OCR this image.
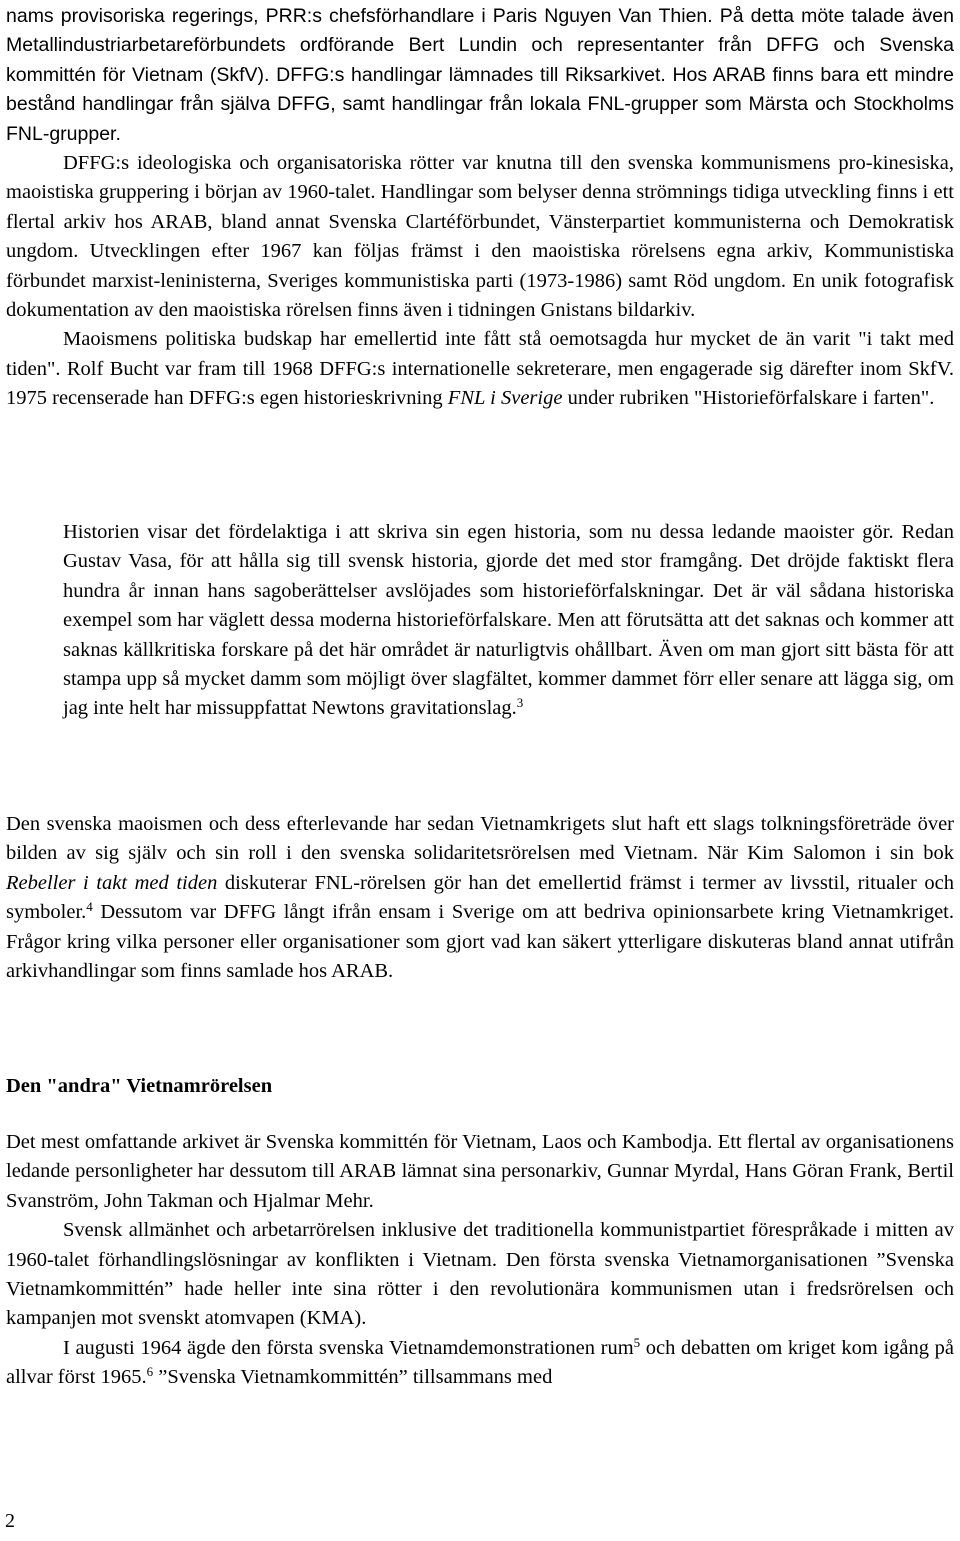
nams provisoriska regerings, PRR:s chefsförhandlare i Paris Nguyen Van Thien. På detta möte talade även Metallindustriarbetareförbundets ordförande Bert Lundin och representanter från DFFG och Svenska kommittén för Vietnam (SkfV). DFFG:s handlingar lämnades till Riksarkivet. Hos ARAB finns bara ett mindre bestånd handlingar från själva DFFG, samt handlingar från lokala FNL-grupper som Märsta och Stockholms FNL-grupper.

DFFG:s ideologiska och organisatoriska rötter var knutna till den svenska kommunismens pro-kinesiska, maoistiska gruppering i början av 1960-talet. Handlingar som belyser denna strömnings tidiga utveckling finns i ett flertal arkiv hos ARAB, bland annat Svenska Clartéförbundet, Vänsterpartiet kommunisterna och Demokratisk ungdom. Utvecklingen efter 1967 kan följas främst i den maoistiska rörelsens egna arkiv, Kommunistiska förbundet marxist-leninisterna, Sveriges kommunistiska parti (1973-1986) samt Röd ungdom. En unik fotografisk dokumentation av den maoistiska rörelsen finns även i tidningen Gnistans bildarkiv.

Maoismens politiska budskap har emellertid inte fått stå oemotsagda hur mycket de än varit "i takt med tiden". Rolf Bucht var fram till 1968 DFFG:s internationelle sekreterare, men engagerade sig därefter inom SkfV. 1975 recenserade han DFFG:s egen historieskrivning FNL i Sverige under rubriken "Historieförfalskare i farten".

Historien visar det fördelaktiga i att skriva sin egen historia, som nu dessa ledande maoister gör. Redan Gustav Vasa, för att hålla sig till svensk historia, gjorde det med stor framgång. Det dröjde faktiskt flera hundra år innan hans sagoberättelser avslöjades som historieförfalskningar. Det är väl sådana historiska exempel som har väglett dessa moderna historieförfalskare. Men att förutsätta att det saknas och kommer att saknas källkritiska forskare på det här området är naturligtvis ohållbart. Även om man gjort sitt bästa för att stampa upp så mycket damm som möjligt över slagfältet, kommer dammet förr eller senare att lägga sig, om jag inte helt har missuppfattat Newtons gravitationslag.$^3$

Den svenska maoismen och dess efterlevande har sedan Vietnamkrigets slut haft ett slags tolkningsföreträde över bilden av sig själv och sin roll i den svenska solidaritetsrörelsen med Vietnam. När Kim Salomon i sin bok Rebeller i takt med tiden diskuterar FNL-rörelsen gör han det emellertid främst i termer av livsstil, ritualer och symboler.$^4$ Dessutom var DFFG långt ifrån ensam i Sverige om att bedriva opinionsarbete kring Vietnamkriget. Frågor kring vilka personer eller organisationer som gjort vad kan säkert ytterligare diskuteras bland annat utifrån arkivhandlingar som finns samlade hos ARAB.

Den "andra" Vietnamrörelsen

Det mest omfattande arkivet är Svenska kommittén för Vietnam, Laos och Kambodja. Ett flertal av organisationens ledande personligheter har dessutom till ARAB lämnat sina personarkiv, Gunnar Myrdal, Hans Göran Frank, Bertil Svanström, John Takman och Hjalmar Mehr.

Svensk allmänhet och arbetarrörelsen inklusive det traditionella kommunistpartiet förespråkade i mitten av 1960-talet förhandlingslösningar av konflikten i Vietnam. Den första svenska Vietnamorganisationen ”Svenska Vietnamkommittén” hade heller inte sina rötter i den revolutionära kommunismen utan i fredsrörelsen och kampanjen mot svenskt atomvapen (KMA).

I augusti 1964 ägde den första svenska Vietnamdemonstrationen rum$^5$ och debatten om kriget kom igång på allvar först 1965.$^6$ ”Svenska Vietnamkommittén” tillsammans med

2
